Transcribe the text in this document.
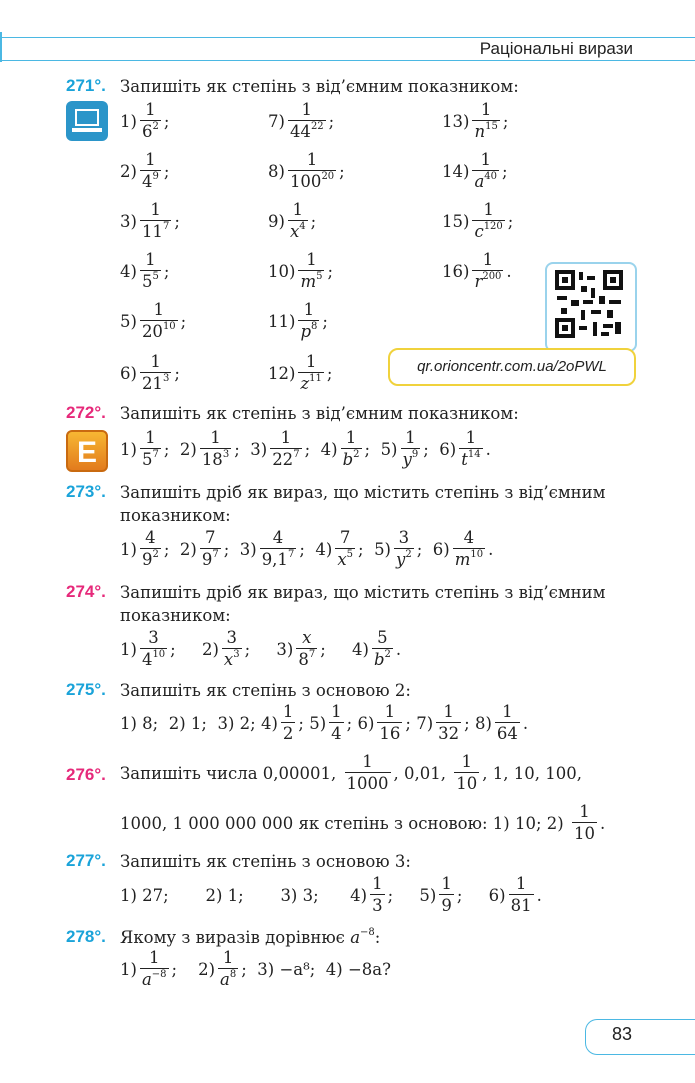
Раціональні вирази
271°. Запишіть як степінь з від’ємним показником:
1)
1
$6^2$ ;
2)
1
$4^9$ ;
3)
1
$11^7$ ;
4)
1
$5^5$ ;
5)
1
$20^{10}$ ;
6)
1
$21^3$ ;
7)
1
$44^{22}$ ;
8)
1
$100^{20}$ ;
9)
1
$x^4$ ;
10)
1
$m^5$ ;
11)
1
$p^8$ ;
12)
1
$z^{11}$ ;
13)
1
$n^{15}$ ;
14)
1
$a^{40}$ ;
15)
1
$c^{120}$ ;
16)
1
$r^{200}$ .
qr.orioncentr.com.ua/2oPWL
272°. Запишіть як степінь з від’ємним показником:
E	1)
1
$5^7$ ; 2)
1
$18^3$ ; 3)
1
$22^7$ ; 4)
1
$b^2$ ; 5)
1
$y^9$ ; 6)
1
$t^{14}$ .
273°. Запишіть дріб як вираз, що містить степінь з від’ємним
показником:
1)
4
$9^2$ ; 2)
7
$9^7$ ; 3)
4
$9,1^7$ ; 4)
7
$x^5$ ; 5)
3
$y^2$ ; 6)
4
$m^{10}$ .
274°. Запишіть дріб як вираз, що містить степінь з від’ємним
показником:
1)
3
$4^{10}$ ; 2)
3
$x^3$ ; 3)
x
$8^7$ ; 4)
5
$b^2$ .
275°. Запишіть як степінь з основою 2:
1) 8;  2) 1;  3) 2;
4)
1
2
; 5)
1
4
; 6)
1
16
; 7)
1
32
; 8)
1
64
.
276°. Запишіть числа 0,00001,

1
1000
, 0,01,

1
10
, 1, 10, 100,
1000, 1 000 000 000 як степінь з основою: 1) 10; 2)

1
10
.
277°. Запишіть як степінь з основою 3:
1) 27;
2) 1;
3) 3;
4)
1
3
; 5)
1
9
; 6)
1
81
.
278°. Якому з виразів дорівнює $a^{-8}$:
1)
1
$a^{-8}$ ; 2)
1
$a^8$ ; 3) −a⁸;  4) −8a?
83
